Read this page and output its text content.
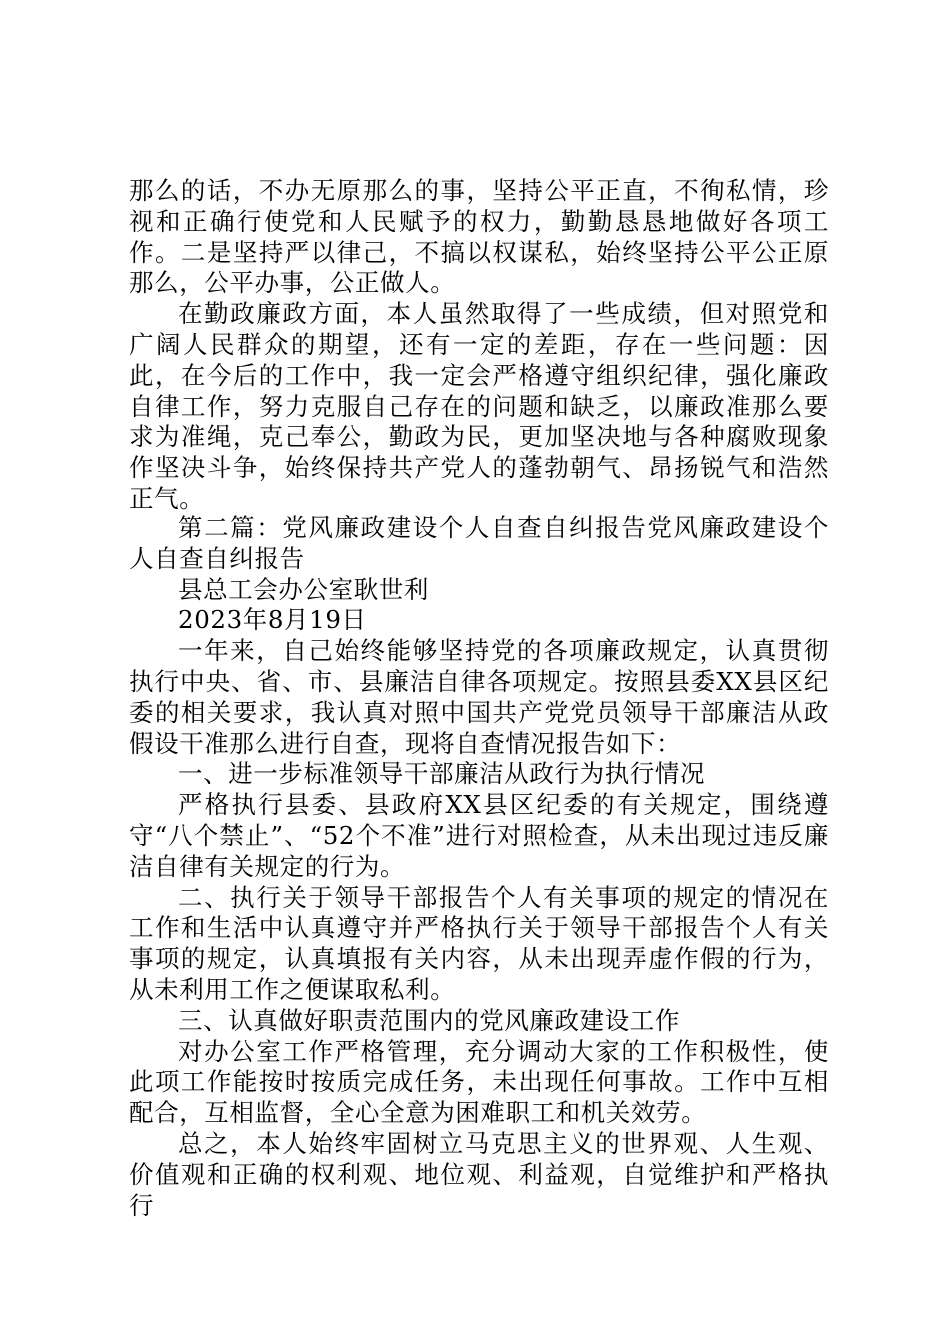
那么的话，不办无原那么的事，坚持公平正直，不徇私情，珍视和正确行使党和人民赋予的权力，勤勤恳恳地做好各项工作。二是坚持严以律己，不搞以权谋私，始终坚持公平公正原那么，公平办事，公正做人。

在勤政廉政方面，本人虽然取得了一些成绩，但对照党和广阔人民群众的期望，还有一定的差距，存在一些问题：因此，在今后的工作中，我一定会严格遵守组织纪律，强化廉政自律工作，努力克服自己存在的问题和缺乏，以廉政准那么要求为准绳，克己奉公，勤政为民，更加坚决地与各种腐败现象作坚决斗争，始终保持共产党人的蓬勃朝气、昂扬锐气和浩然正气。

第二篇：党风廉政建设个人自查自纠报告党风廉政建设个人自查自纠报告

县总工会办公室耿世利

2023年8月19日

一年来，自己始终能够坚持党的各项廉政规定，认真贯彻执行中央、省、市、县廉洁自律各项规定。按照县委XX县区纪委的相关要求，我认真对照中国共产党党员领导干部廉洁从政假设干准那么进行自查，现将自查情况报告如下：

一、进一步标准领导干部廉洁从政行为执行情况

严格执行县委、县政府XX县区纪委的有关规定，围绕遵守“八个禁止”、“52个不准”进行对照检查，从未出现过违反廉洁自律有关规定的行为。

二、执行关于领导干部报告个人有关事项的规定的情况在工作和生活中认真遵守并严格执行关于领导干部报告个人有关事项的规定，认真填报有关内容，从未出现弄虚作假的行为，从未利用工作之便谋取私利。

三、认真做好职责范围内的党风廉政建设工作

对办公室工作严格管理，充分调动大家的工作积极性，使此项工作能按时按质完成任务，未出现任何事故。工作中互相配合，互相监督，全心全意为困难职工和机关效劳。

总之，本人始终牢固树立马克思主义的世界观、人生观、价值观和正确的权利观、地位观、利益观，自觉维护和严格执行
